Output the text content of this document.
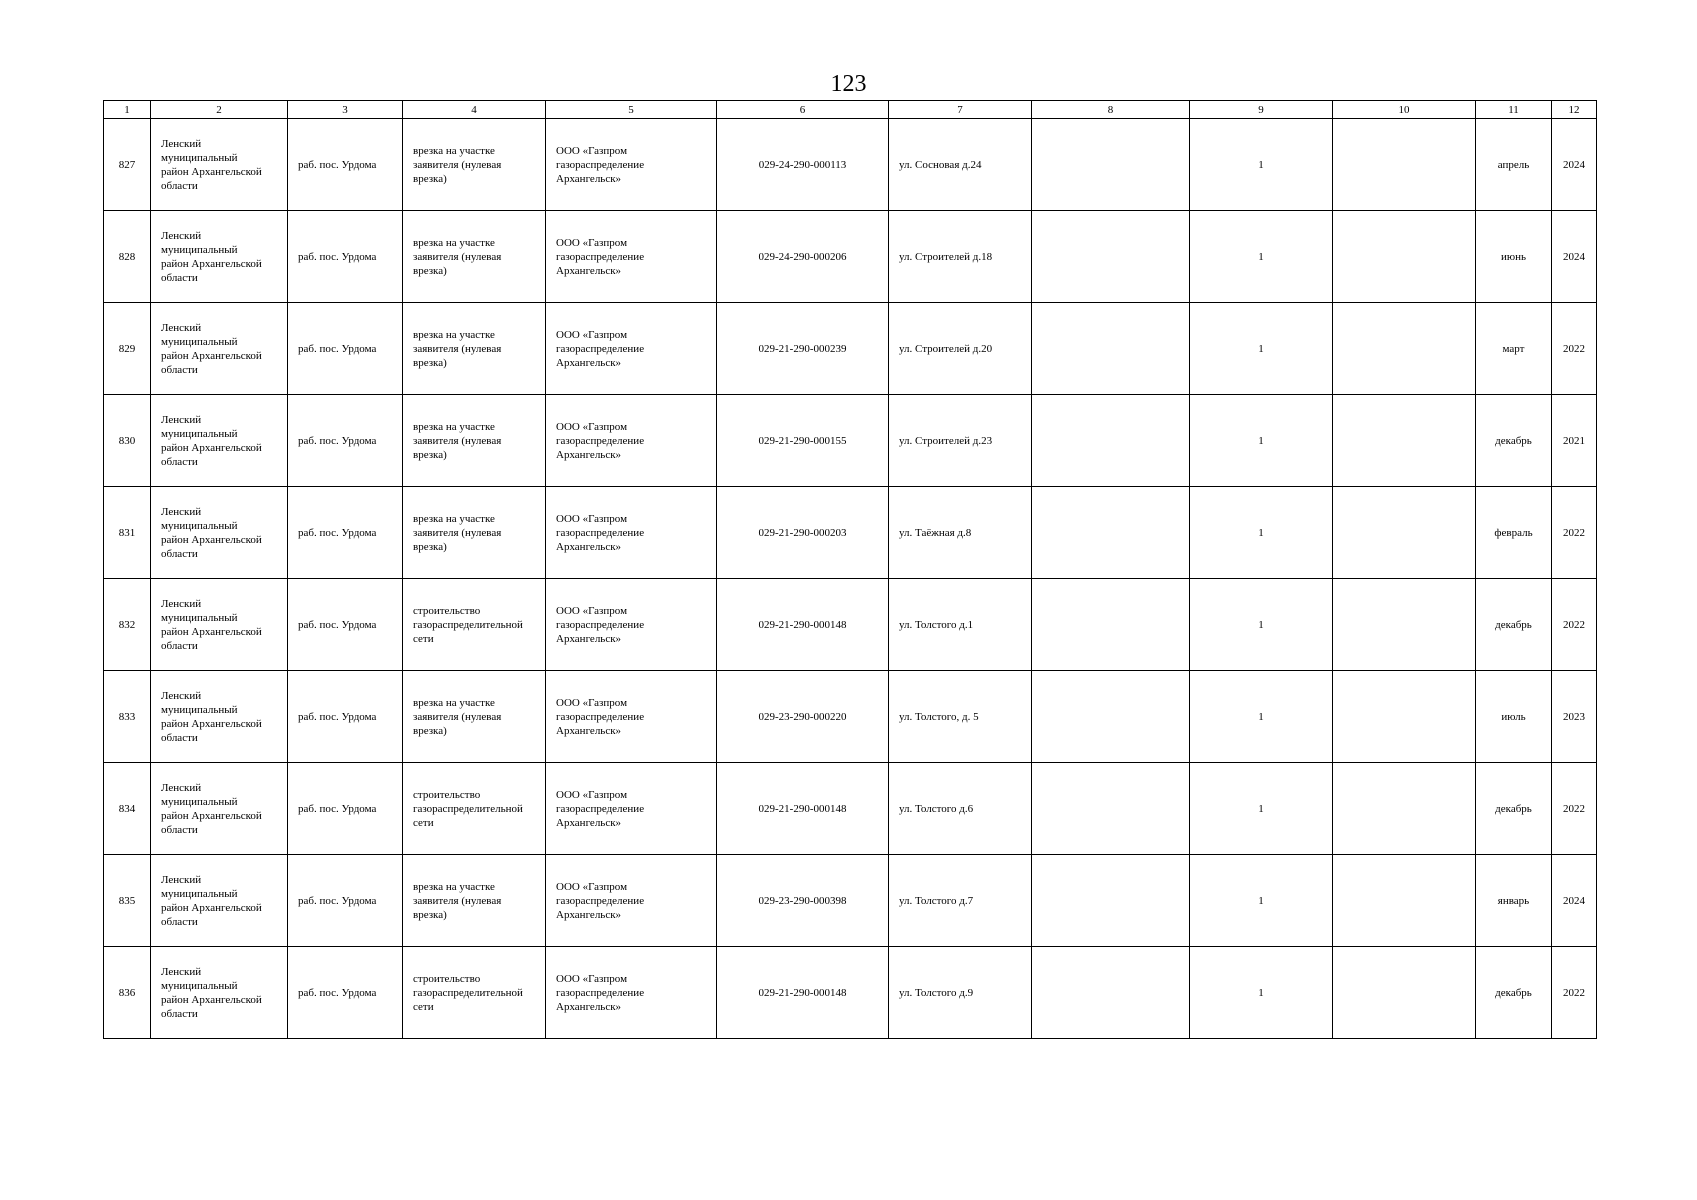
123
1	2	3	4	5	6	7	8	9	10	11	12
827	Ленский
муниципальный
район Архангельской
области	раб. пос. Урдома	врезка на участке
заявителя (нулевая
врезка)	ООО «Газпром
газораспределение
Архангельск»	029-24-290-000113	ул. Сосновая д.24		1		апрель	2024
828	Ленский
муниципальный
район Архангельской
области	раб. пос. Урдома	врезка на участке
заявителя (нулевая
врезка)	ООО «Газпром
газораспределение
Архангельск»	029-24-290-000206	ул. Строителей д.18		1		июнь	2024
829	Ленский
муниципальный
район Архангельской
области	раб. пос. Урдома	врезка на участке
заявителя (нулевая
врезка)	ООО «Газпром
газораспределение
Архангельск»	029-21-290-000239	ул. Строителей д.20		1		март	2022
830	Ленский
муниципальный
район Архангельской
области	раб. пос. Урдома	врезка на участке
заявителя (нулевая
врезка)	ООО «Газпром
газораспределение
Архангельск»	029-21-290-000155	ул. Строителей д.23		1		декабрь	2021
831	Ленский
муниципальный
район Архангельской
области	раб. пос. Урдома	врезка на участке
заявителя (нулевая
врезка)	ООО «Газпром
газораспределение
Архангельск»	029-21-290-000203	ул. Таёжная д.8		1		февраль	2022
832	Ленский
муниципальный
район Архангельской
области	раб. пос. Урдома	строительство
газораспределительной
сети	ООО «Газпром
газораспределение
Архангельск»	029-21-290-000148	ул. Толстого д.1		1		декабрь	2022
833	Ленский
муниципальный
район Архангельской
области	раб. пос. Урдома	врезка на участке
заявителя (нулевая
врезка)	ООО «Газпром
газораспределение
Архангельск»	029-23-290-000220	ул. Толстого, д. 5		1		июль	2023
834	Ленский
муниципальный
район Архангельской
области	раб. пос. Урдома	строительство
газораспределительной
сети	ООО «Газпром
газораспределение
Архангельск»	029-21-290-000148	ул. Толстого д.6		1		декабрь	2022
835	Ленский
муниципальный
район Архангельской
области	раб. пос. Урдома	врезка на участке
заявителя (нулевая
врезка)	ООО «Газпром
газораспределение
Архангельск»	029-23-290-000398	ул. Толстого д.7		1		январь	2024
836	Ленский
муниципальный
район Архангельской
области	раб. пос. Урдома	строительство
газораспределительной
сети	ООО «Газпром
газораспределение
Архангельск»	029-21-290-000148	ул. Толстого д.9		1		декабрь	2022
